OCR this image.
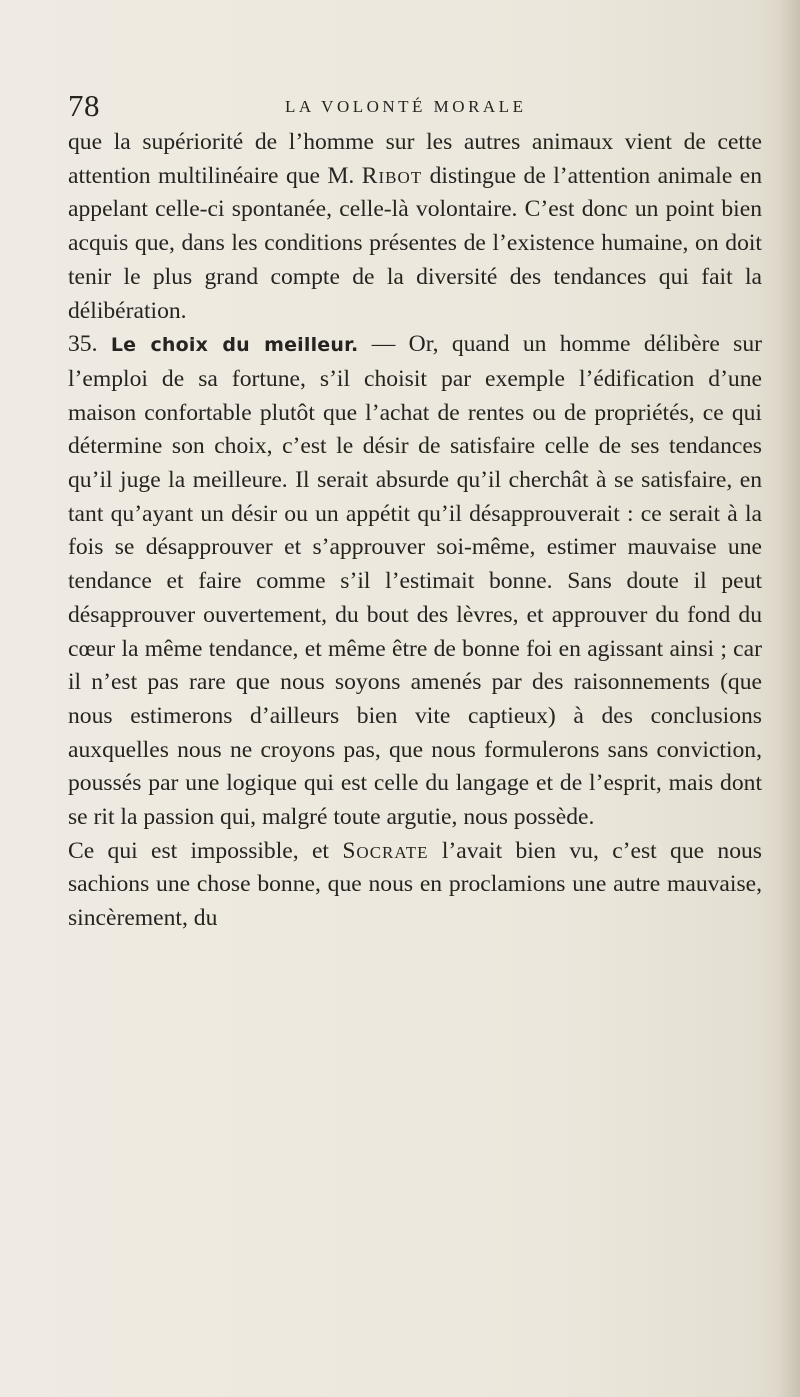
78	LA VOLONTÉ MORALE

que la supériorité de l’homme sur les autres animaux vient de cette attention multilinéaire que M. Ribot distingue de l’attention animale en appelant celle-ci spontanée, celle-là volontaire. C’est donc un point bien acquis que, dans les conditions présentes de l’existence humaine, on doit tenir le plus grand compte de la diversité des tendances qui fait la délibération.

35. Le choix du meilleur. — Or, quand un homme délibère sur l’emploi de sa fortune, s’il choisit par exemple l’édification d’une maison confortable plutôt que l’achat de rentes ou de propriétés, ce qui détermine son choix, c’est le désir de satisfaire celle de ses tendances qu’il juge la meilleure. Il serait absurde qu’il cherchât à se satisfaire, en tant qu’ayant un désir ou un appétit qu’il désapprouverait : ce serait à la fois se désapprouver et s’approuver soi-même, estimer mauvaise une tendance et faire comme s’il l’estimait bonne. Sans doute il peut désapprouver ouvertement, du bout des lèvres, et approuver du fond du cœur la même tendance, et même être de bonne foi en agissant ainsi ; car il n’est pas rare que nous soyons amenés par des raisonnements (que nous estimerons d’ailleurs bien vite captieux) à des conclusions auxquelles nous ne croyons pas, que nous formulerons sans conviction, poussés par une logique qui est celle du langage et de l’esprit, mais dont se rit la passion qui, malgré toute argutie, nous possède.

Ce qui est impossible, et Socrate l’avait bien vu, c’est que nous sachions une chose bonne, que nous en proclamions une autre mauvaise, sincèrement, du
